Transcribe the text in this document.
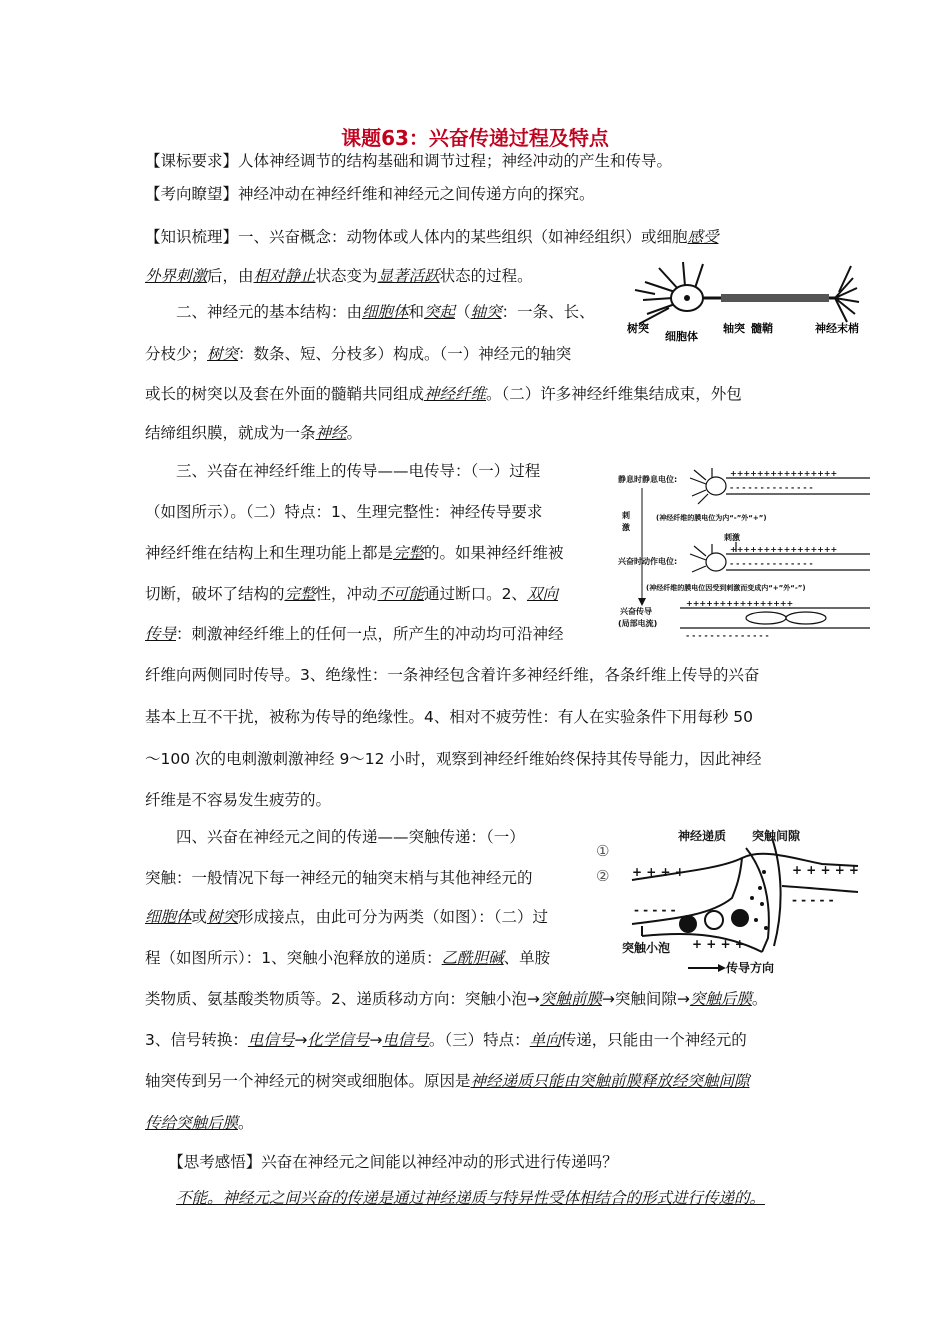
课题63：兴奋传递过程及特点
【课标要求】人体神经调节的结构基础和调节过程；神经冲动的产生和传导。
【考向瞭望】神经冲动在神经纤维和神经元之间传递方向的探究。
【知识梳理】一、兴奋概念：动物体或人体内的某些组织（如神经组织）或细胞感受
外界刺激后，由相对静止状态变为显著活跃状态的过程。
　　二、神经元的基本结构：由细胞体和突起（轴突：一条、长、
分枝少；树突：数条、短、分枝多）构成。（一）神经元的轴突
或长的树突以及套在外面的髓鞘共同组成神经纤维。（二）许多神经纤维集结成束，外包
结缔组织膜，就成为一条神经。
　　三、兴奋在神经纤维上的传导——电传导：（一）过程
（如图所示）。（二）特点：1、生理完整性：神经传导要求
神经纤维在结构上和生理功能上都是完整的。如果神经纤维被
切断，破坏了结构的完整性，冲动不可能通过断口。2、双向
传导：刺激神经纤维上的任何一点，所产生的冲动均可沿神经
纤维向两侧同时传导。3、绝缘性：一条神经包含着许多神经纤维，各条纤维上传导的兴奋
基本上互不干扰，被称为传导的绝缘性。4、相对不疲劳性：有人在实验条件下用每秒 50
～100 次的电刺激刺激神经 9～12 小时，观察到神经纤维始终保持其传导能力，因此神经
纤维是不容易发生疲劳的。
　　四、兴奋在神经元之间的传递——突触传递：（一）
突触：一般情况下每一神经元的轴突末梢与其他神经元的
细胞体或树突形成接点，由此可分为两类（如图）：（二）过
程（如图所示）：1、突触小泡释放的递质：乙酰胆碱、单胺
类物质、氨基酸类物质等。2、递质移动方向：突触小泡→突触前膜→突触间隙→突触后膜。
3、信号转换：电信号→化学信号→电信号。（三）特点：单向传递，只能由一个神经元的
轴突传到另一个神经元的树突或细胞体。原因是神经递质只能由突触前膜释放经突触间隙
传给突触后膜。
　　【思考感悟】兴奋在神经元之间能以神经冲动的形式进行传递吗？
　　不能。神经元之间兴奋的传递是通过神经递质与特异性受体相结合的形式进行传递的。
①
②
树突
细胞体
轴突 髓鞘	神经末梢
静息时静息电位:
刺
激
(神经纤维的膜电位为内“-”外“+”)
刺激
兴奋时动作电位:
(神经纤维的膜电位因受到刺激而变成内“+”外“-”)
兴奋传导
(局部电流)
++++++++++++++++
- - - - - - - - - - - - - -
++++++++++++++++
- - - - - - - - - - - - - -
++++++++++++++++
- - - - - - - - - - - - - -
神经递质 突触间隙
突触小泡
传导方向
+ + + +	+ + + + +
- - - - -
- - - - -
+ + + +
